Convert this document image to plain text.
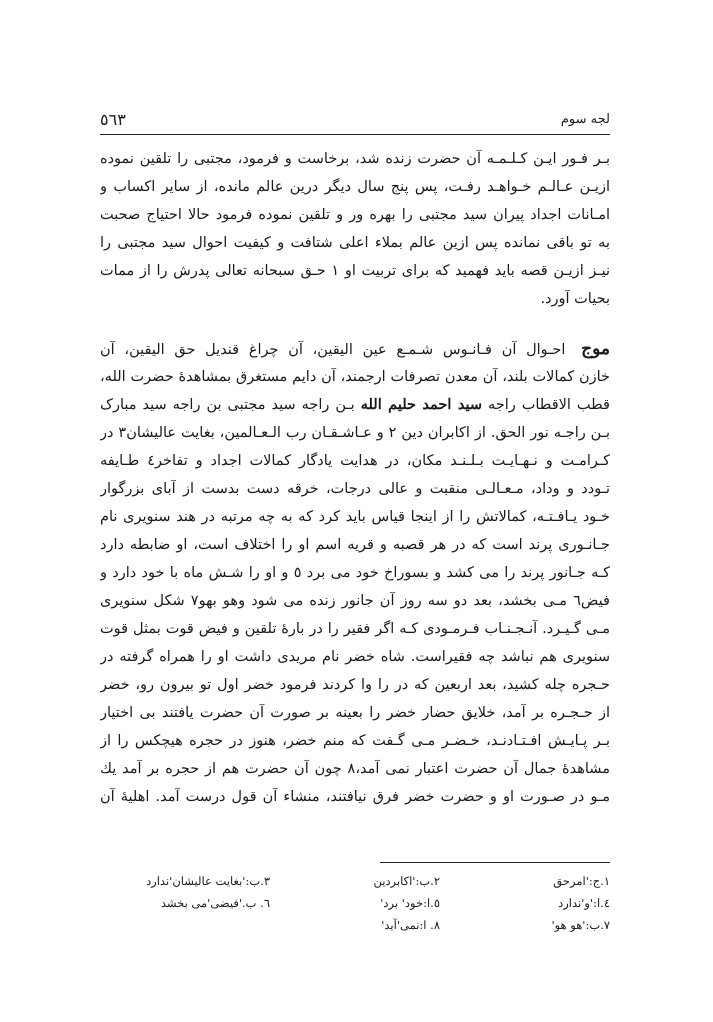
لجه سوم
٥٦٣
بـر فـور ایـن کـلـمـه آن حضرت زنده شد، برخاست و فرمود، مجتبی را تلقین نموده
ازیـن عـالـم خـواهـد رفـت، پس پنج سال دیگر درین عالم مانده، از سایر اکساب و
امـانات اجداد پیران سید مجتبی را بهره ور و تلقین نموده فرمود حالا احتیاج صحبت
به تو باقی نمانده پس ازین عالم بملاء اعلی شتافت و کیفیت احوال سید مجتبی را
نیـز ازیـن قصه باید فهمید که برای تربیت او ۱ حـق سبحانه تعالی پدرش را از ممات
بحیات آورد.
موج احـوال آن فـانـوس شـمـع عین الیقین، آن چراغ قندیل حق الیقین، آن
خازن کمالات بلند، آن معدن تصرفات ارجمند، آن دایم مستغرق بمشاهدهٔ حضرت الله،
قطب الاقطاب راجه سید احمد حلیم الله بـن راجه سید مجتبی بن راجه سید مبارک
بـن راجـه نور الحق. از اکابران دین ۲ و عـاشـقـان رب الـعـالمین، بغایت عالیشان۳ در
کـرامـت و نـهـایـت بـلـنـد مکان، در هدایت یادگار کمالات اجداد و تفاخر٤ طـایفه
تـودد و وداد، مـعـالـی منقبت و عالی درجات، خرقه دست بدست از آبای بزرگوار
خـود یـافـتـه، کمالاتش را از اینجا قیاس باید کرد که به چه مرتبه در هند سنویری نام
جـانـوری پرند است که در هر قصبه و قریه اسم او را اختلاف است، او ضابطه دارد
کـه جـانور پرند را می کشد و بسوراخ خود می برد ٥ و او را شـش ماه با خود دارد و
فیض٦ مـی بخشد، بعد دو سه روز آن جانور زنده می شود وهو بهو۷ شکل سنویری
مـی گـیـرد. آنـجـنـاب فـرمـودی کـه اگر فقیر را در بارهٔ تلقین و فیض قوت بمثل قوت
سنویری هم نباشد چه فقیراست. شاه خضر نام مریدی داشت او را همراه گرفته در
حـجره چله کشید، بعد اربعین که در را وا کردند فرمود خضر اول تو بیرون رو، خضر
از حـجـره بر آمد، خلایق حضار خضر را بعینه بر صورت آن حضرت یافتند بی اختیار
بـر پـایـش افـتـادنـد، خـضـر مـی گـفت که منم خضر، هنوز در حجره هیچکس را از
مشاهدهٔ جمال آن حضرت اعتبار نمی آمد،۸ چون آن حضرت هم از حجره بر آمد یك
مـو در صـورت او و حضرت خضر فرق نیافتند، منشاء آن قول درست آمد. اهلیهٔ آن
۱.ج:'امرحق
۲.ب:'اکابردین
۳.ب:'بغایت عالیشان'ندارد
٤.ا:'و'ندارد
٥.ا:خود' برد'
٦. ب.'فیضی'می بخشد
۷.ب:'هو هو'
۸. ا:نمی'آید'
